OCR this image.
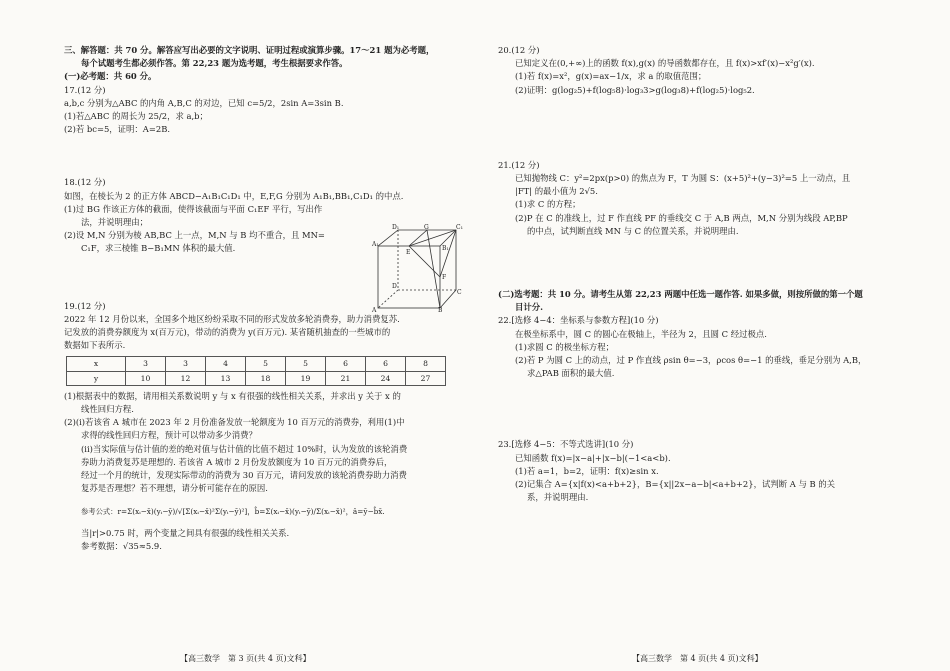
三、解答题：共 70 分。解答应写出必要的文字说明、证明过程或演算步骤。17～21 题为必考题，

每个试题考生都必须作答。第 22,23 题为选考题，考生根据要求作答。

(一)必考题：共 60 分。

17.(12 分)

a,b,c 分别为△ABC 的内角 A,B,C 的对边，已知 c=5/2，2sin A=3sin B.

(1)若△ABC 的周长为 25/2，求 a,b；

(2)若 bc=5，证明：A=2B.

18.(12 分)

如图，在棱长为 2 的正方体 ABCD−A₁B₁C₁D₁ 中，E,F,G 分别为 A₁B₁,BB₁,C₁D₁ 的中点.

(1)过 BG 作该正方体的截面，使得该截面与平面 C₁EF 平行，写出作

法，并说明理由；

(2)设 M,N 分别为棱 AB,BC 上一点，M,N 与 B 均不重合，且 MN=

C₁F，求三棱锥 B−B₁MN 体积的最大值.

19.(12 分)

2022 年 12 月份以来，全国多个地区纷纷采取不同的形式发放多轮消费券，助力消费复苏.

记发放的消费券额度为 x(百万元)，带动的消费为 y(百万元). 某省随机抽查的一些城市的

数据如下表所示.

x	3	3	4	5	5	6	6	8
y	10	12	13	18	19	21	24	27

(1)根据表中的数据，请用相关系数说明 y 与 x 有很强的线性相关关系，并求出 y 关于 x 的

线性回归方程.

(2)(i)若该省 A 城市在 2023 年 2 月份准备发放一轮额度为 10 百万元的消费券，利用(1)中

求得的线性回归方程，预计可以带动多少消费？

(ii)当实际值与估计值的差的绝对值与估计值的比值不超过 10%时，认为发放的该轮消费

券助力消费复苏是理想的. 若该省 A 城市 2 月份发放额度为 10 百万元的消费券后，

经过一个月的统计，发现实际带动的消费为 30 百万元，请问发放的该轮消费券助力消费

复苏是否理想？若不理想，请分析可能存在的原因.

参考公式：r=Σ(xᵢ−x̄)(yᵢ−ȳ)/√[Σ(xᵢ−x̄)²Σ(yᵢ−ȳ)²]，b̂=Σ(xᵢ−x̄)(yᵢ−ȳ)/Σ(xᵢ−x̄)²，â=ȳ−b̂x̄.

当|r|>0.75 时，两个变量之间具有很强的线性相关关系.

参考数据：√35≈5.9.

D₁	G	C₁
A₁
E
B₁
F
D
C
A	B
【高三数学　第 3 页(共 4 页)文科】

20.(12 分)

已知定义在(0,+∞)上的函数 f(x),g(x) 的导函数都存在，且 f(x)>xf′(x)−x²g′(x).

(1)若 f(x)=x²，g(x)=ax−1/x，求 a 的取值范围；

(2)证明：g(log₂5)+f(log₅8)·log₃3>g(log₃8)+f(log₂5)·log₅2.

21.(12 分)

已知抛物线 C：y²=2px(p>0) 的焦点为 F，T 为圆 S：(x+5)²+(y−3)²=5 上一动点，且

|FT| 的最小值为 2√5.

(1)求 C 的方程；

(2)P 在 C 的准线上，过 F 作直线 PF 的垂线交 C 于 A,B 两点，M,N 分别为线段 AP,BP

的中点，试判断直线 MN 与 C 的位置关系，并说明理由.

(二)选考题：共 10 分。请考生从第 22,23 两题中任选一题作答. 如果多做，则按所做的第一个题

目计分.

22.[选修 4−4：坐标系与参数方程](10 分)

在极坐标系中，圆 C 的圆心在极轴上，半径为 2，且圆 C 经过极点.

(1)求圆 C 的极坐标方程；

(2)若 P 为圆 C 上的动点，过 P 作直线 ρsin θ=−3，ρcos θ=−1 的垂线，垂足分别为 A,B，

求△PAB 面积的最大值.

23.[选修 4−5：不等式选讲](10 分)

已知函数 f(x)=|x−a|+|x−b|(−1<a<b).

(1)若 a=1，b=2，证明：f(x)≥sin x.

(2)记集合 A={x|f(x)<a+b+2}，B={x||2x−a−b|<a+b+2}，试判断 A 与 B 的关

系，并说明理由.

【高三数学　第 4 页(共 4 页)文科】
